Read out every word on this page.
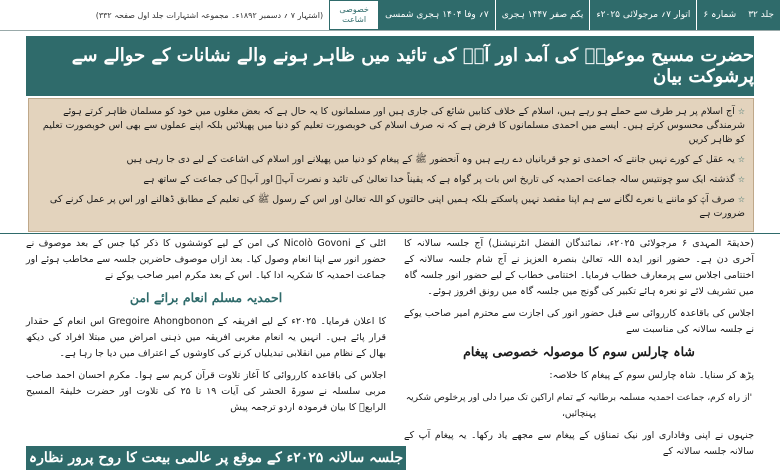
جلد ۳۲
شمارہ ۶
اتوار ۷؍ مرجولائی ۲۰۲۵ء
یکم صفر ۱۴۴۷ ہجری
۷؍ وفا ۱۴۰۴ ہجری شمسی
خصوصی
اشاعت
(اشتہار ۷ ؍ دسمبر ۱۸۹۲ء۔ مجموعہ اشتہارات جلد اول صفحہ ۳۳۲)
حضرت مسیح موعودؑ کی آمد اور آپؑ کی تائید میں ظاہر ہونے والے نشانات کے حوالے سے پرشوکت بیان
☆ آج اسلام پر ہر طرف سے حملے ہو رہے ہیں، اسلام کے خلاف کتابیں شائع کی جاری ہیں اور مسلمانوں کا یہ حال ہے کہ بعض مغلوں میں خود کو مسلمان ظاہر کرتے ہوئے شرمندگی محسوس کرتے ہیں۔ ایسے میں احمدی مسلمانوں کا فرض ہے کہ نہ صرف اسلام کی خوبصورت تعلیم کو دنیا میں پھیلائیں بلکہ اپنے عملوں سے بھی اس خوبصورت تعلیم کو ظاہر کریں
☆ یہ عقل کے کورے نہیں جانتے کہ احمدی تو جو قربانیاں دے رہے ہیں وہ آنحضور ﷺ کے پیغام کو دنیا میں پھیلانے اور اسلام کی اشاعت کے لیے دی جا رہی ہیں
☆ گذشتہ ایک سو چونتیس سالہ جماعت احمدیہ کی تاریخ اس بات پر گواہ ہے کہ یقیناً خدا تعالیٰ کی تائید و نصرت آپؑ اور آپؑ کی جماعت کے ساتھ ہے
☆ صرف آپؑ کو ماننے یا نعرے لگانے سے ہم اپنا مقصد نہیں پاسکتے بلکہ ہمیں اپنی حالتوں کو اللہ تعالیٰ اور اس کے رسول ﷺ کی تعلیم کے مطابق ڈھالنے اور اس پر عمل کرنے کی ضرورت ہے

(حدیقۃ المہدی ۶ مرجولائی ۲۰۲۵ء، نمائندگان الفضل انٹرنیشنل) آج جلسہ سالانہ کا آخری دن ہے۔ حضور انور ایدہ اللہ تعالیٰ بنصرہ العزیز نے آج شام جلسہ سالانہ کے اختتامی اجلاس سے پرمعارف خطاب فرمایا۔ اختتامی خطاب کے لیے حضور انور جلسہ گاہ میں تشریف لائے تو نعرہ ہائے تکبیر کی گونج میں جلسہ گاہ میں رونق افروز ہوئے۔

اجلاس کی باقاعدہ کارروائی سے قبل حضور انور کی اجازت سے محترم امیر صاحب یوکے نے جلسہ سالانہ کی مناسبت سے

شاہ چارلس سوم کا موصولہ خصوصی پیغام

پڑھ کر سنایا۔ شاہ چارلس سوم کے پیغام کا خلاصہ:

'از راہ کرم، جماعت احمدیہ مسلمہ برطانیہ کے تمام اراکین تک میرا دلی اور پرخلوص شکریہ پہنچائیں،

جنہوں نے اپنی وفاداری اور نیک تمناؤں کے پیغام سے مجھے یاد رکھا۔ یہ پیغام آپ کے سالانہ جلسہ سالانہ کے

اٹلی کے Nicolò Govoni کی امن کے لیے کوششوں کا ذکر کیا جس کے بعد موصوف نے حضور انور سے اپنا انعام وصول کیا۔ بعد ازاں موصوف حاضرین جلسہ سے مخاطب ہوئے اور جماعت احمدیہ کا شکریہ ادا کیا۔ اس کے بعد مکرم امیر صاحب یوکے نے

احمدیہ مسلم انعام برائے امن

کا اعلان فرمایا۔ ۲۰۲۵ء کے لیے افریقہ کے Gregoire Ahongbonon اس انعام کے حقدار قرار پائے ہیں۔ انہیں یہ انعام مغربی افریقہ میں ذہنی امراض میں مبتلا افراد کی دیکھ بھال کے نظام میں انقلابی تبدیلیاں کرنے کی کاوشوں کے اعتراف میں دیا جا رہا ہے۔

اجلاس کی باقاعدہ کارروائی کا آغاز تلاوت قرآن کریم سے ہوا۔ مکرم احسان احمد صاحب مربی سلسلہ نے سورۃ الحشر کی آیات ۱۹ تا ۲۵ کی تلاوت اور حضرت خلیفۃ المسیح الرابعؒ کا بیان فرمودہ اردو ترجمہ پیش

جلسہ سالانہ ۲۰۲۵ء کے موقع پر عالمی بیعت کا روح پرور نظارہ
